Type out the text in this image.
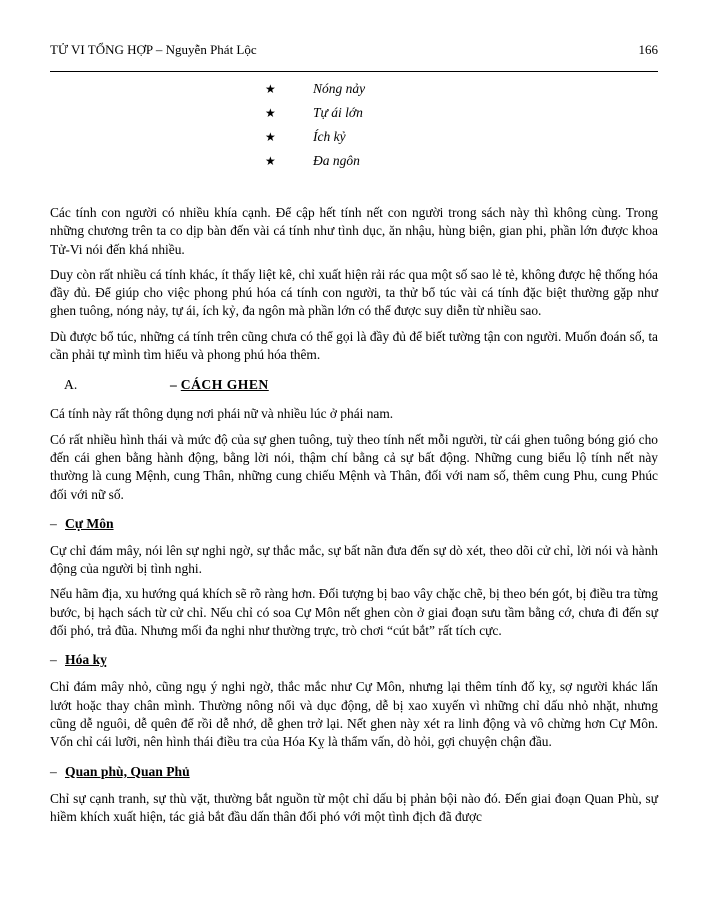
TỬ VI TỔNG HỢP – Nguyễn Phát Lộc	166
★	Nóng nảy
★	Tự ái lớn
★	Ích kỷ
★	Đa ngôn

Các tính con người có nhiều khía cạnh. Để cập hết tính nết con người trong sách này thì không cùng. Trong những chương trên ta co dịp bàn đến vài cá tính như tình dục, ăn nhậu, hùng biện, gian phi, phần lớn được khoa Tử-Vi nói đến khá nhiều.

Duy còn rất nhiều cá tính khác, ít thấy liệt kê, chỉ xuất hiện rải rác qua một số sao lẻ tẻ, không được hệ thống hóa đầy đủ. Để giúp cho việc phong phú hóa cá tính con người, ta thử bổ túc vài cá tính đặc biệt thường gặp như ghen tuông, nóng nảy, tự ái, ích kỷ, đa ngôn mà phần lớn có thể được suy diễn từ nhiều sao.

Dù được bổ túc, những cá tính trên cũng chưa có thể gọi là đầy đủ để biết tường tận con người. Muốn đoán số, ta cần phải tự mình tìm hiểu và phong phú hóa thêm.

A.	– CÁCH GHEN

Cá tính này rất thông dụng nơi phái nữ và nhiều lúc ở phái nam.

Có rất nhiều hình thái và mức độ của sự ghen tuông, tuỳ theo tính nết mỗi người, từ cái ghen tuông bóng gió cho đến cái ghen bằng hành động, bằng lời nói, thậm chí bằng cả sự bất động. Những cung biểu lộ tính nết này thường là cung Mệnh, cung Thân, những cung chiếu Mệnh và Thân, đối với nam số, thêm cung Phu, cung Phúc đối với nữ số.

– Cự Môn

Cự chỉ đám mây, nói lên sự nghi ngờ, sự thắc mắc, sự bất nãn đưa đến sự dò xét, theo dõi cử chỉ, lời nói và hành động của người bị tình nghi.

Nếu hãm địa, xu hướng quá khích sẽ rõ ràng hơn. Đối tượng bị bao vây chặc chẽ, bị theo bén gót, bị điều tra từng bước, bị hạch sách từ cử chỉ. Nếu chỉ có soa Cự Môn nết ghen còn ở giai đoạn sưu tầm bằng cớ, chưa đi đến sự đối phó, trả đũa. Nhưng mối đa nghi như thường trực, trò chơi “cút bắt” rất tích cực.

– Hóa kỵ

Chỉ đám mây nhỏ, cũng ngụ ý nghi ngờ, thắc mắc như Cự Môn, nhưng lại thêm tính đố kỵ, sợ người khác lấn lướt hoặc thay chân mình. Thường nông nổi và dục động, dễ bị xao xuyến vì những chỉ dấu nhỏ nhặt, nhưng cũng dễ nguôi, dễ quên để rồi dễ nhớ, dễ ghen trở lại. Nết ghen này xét ra linh động và vô chừng hơn Cự Môn. Vốn chỉ cái lưỡi, nên hình thái điều tra của Hóa Kỵ là thẩm vấn, dò hỏi, gợi chuyện chận đầu.

– Quan phù, Quan Phủ

Chỉ sự cạnh tranh, sự thù vặt, thường bắt nguồn từ một chỉ dấu bị phản bội nào đó. Đến giai đoạn Quan Phù, sự hiềm khích xuất hiện, tác giả bắt đầu dấn thân đối phó với một tình địch đã được
